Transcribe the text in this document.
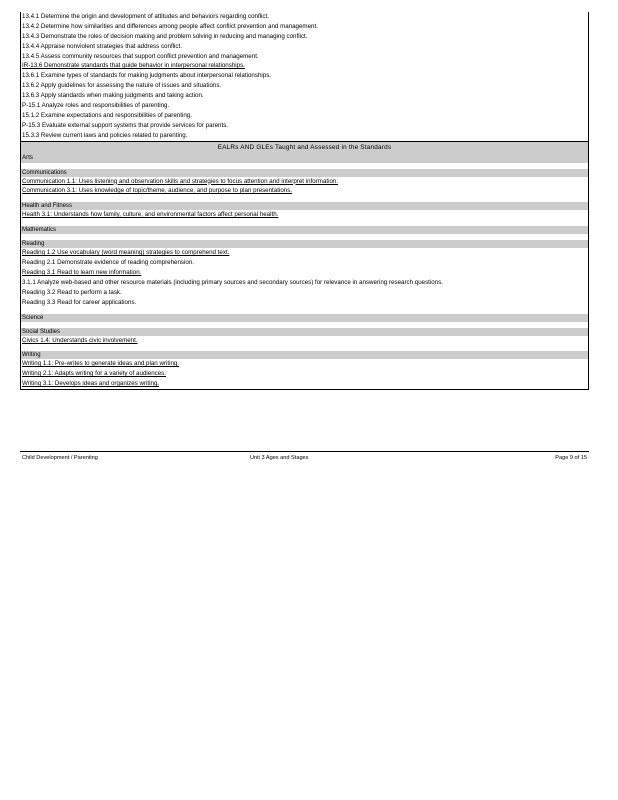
13.4.1 Determine the origin and development of attitudes and behaviors regarding conflict.
13.4.2 Determine how similarities and differences among people affect conflict prevention and management.
13.4.3 Demonstrate the roles of decision making and problem solving in reducing and managing conflict.
13.4.4 Appraise nonviolent strategies that address conflict.
13.4.5 Assess community resources that support conflict prevention and management.
IR-13.6 Demonstrate standards that guide behavior in interpersonal relationships.
13.6.1 Examine types of standards for making judgments about interpersonal relationships.
13.6.2 Apply guidelines for assessing the nature of issues and situations.
13.6.3 Apply standards when making judgments and taking action.
P-15.1 Analyze roles and responsibilities of parenting.
15.1.2 Examine expectations and responsibilities of parenting.
P-15.3 Evaluate external support systems that provide services for parents.
15.3.3 Review current laws and policies related to parenting.
EALRs AND GLEs Taught and Assessed in the Standards
Arts
Communications
Communication 1.1: Uses listening and observation skills and strategies to focus attention and interpret information.
Communication 3.1: Uses knowledge of topic/theme, audience, and purpose to plan presentations.
Health and Fitness
Health 3.1: Understands how family, culture, and environmental factors affect personal health.
Mathematics
Reading
Reading 1.2 Use vocabulary (word meaning) strategies to comprehend text.
Reading 2.1 Demonstrate evidence of reading comprehension.
Reading 3.1 Read to learn new information.
3.1.1 Analyze web-based and other resource materials (including primary sources and secondary sources) for relevance in answering research questions.
Reading 3.2 Read to perform a task.
Reading 3.3 Read for career applications.
Science
Social Studies
Civics 1.4: Understands civic involvement.
Writing
Writing 1.1: Pre-writes to generate ideas and plan writing.
Writing 2.1: Adapts writing for a variety of audiences.
Writing 3.1: Develops ideas and organizes writing.
Child Development / Parenting	Unit 3 Ages and Stages	Page 9 of 15
